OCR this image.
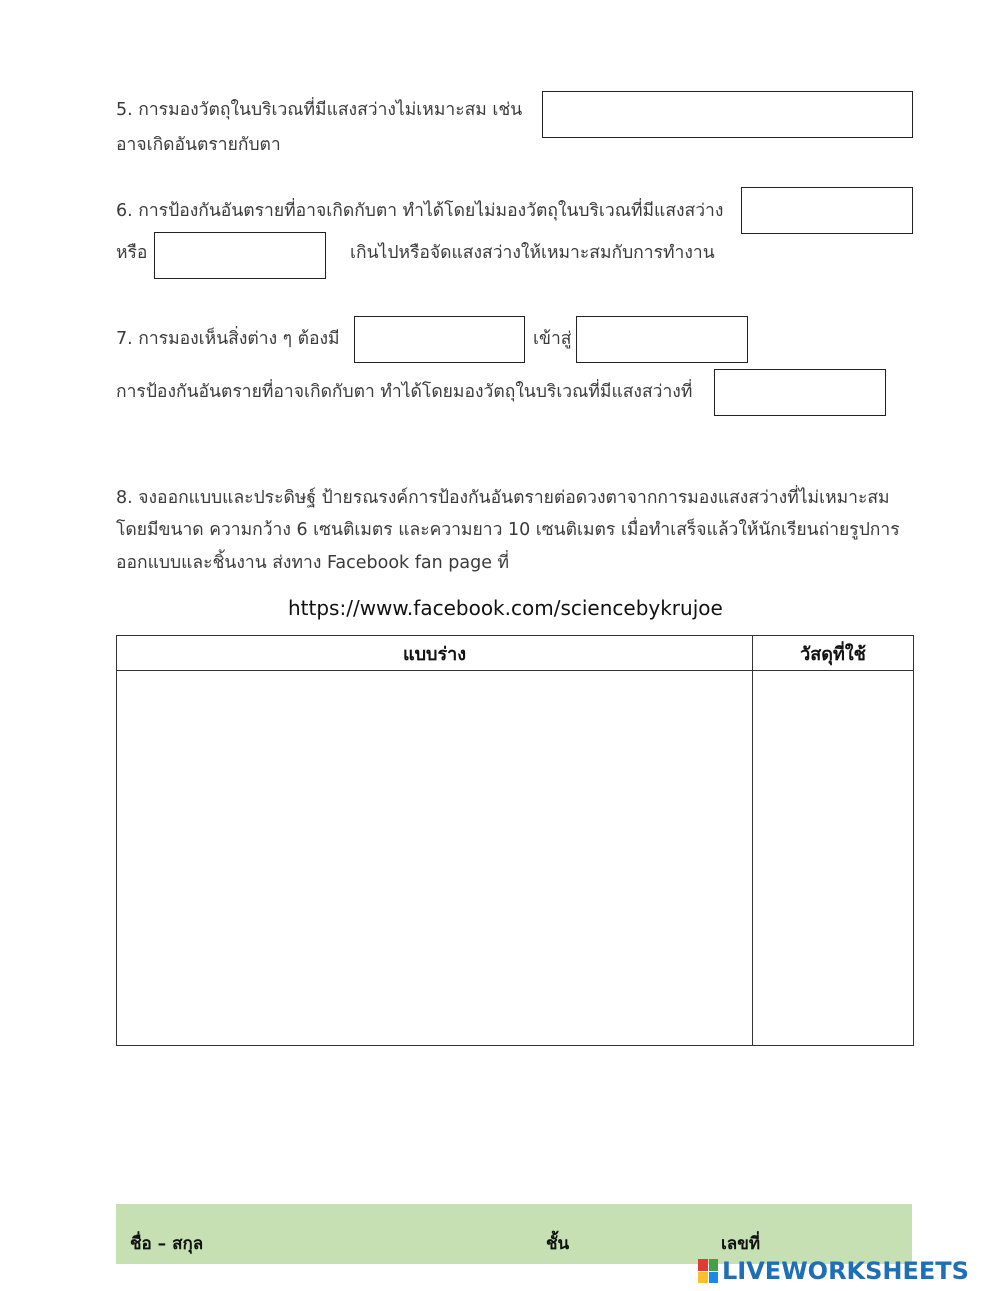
5. การมองวัตถุในบริเวณที่มีแสงสว่างไม่เหมาะสม เช่น
อาจเกิดอันตรายกับตา
6. การป้องกันอันตรายที่อาจเกิดกับตา ทำได้โดยไม่มองวัตถุในบริเวณที่มีแสงสว่าง
หรือ	เกินไปหรือจัดแสงสว่างให้เหมาะสมกับการทำงาน
7. การมองเห็นสิ่งต่าง ๆ ต้องมี	เข้าสู่
การป้องกันอันตรายที่อาจเกิดกับตา ทำได้โดยมองวัตถุในบริเวณที่มีแสงสว่างที่
8. จงออกแบบและประดิษฐ์ ป้ายรณรงค์การป้องกันอันตรายต่อดวงตาจากการมองแสงสว่างที่ไม่เหมาะสม
โดยมีขนาด ความกว้าง 6 เซนติเมตร และความยาว 10 เซนติเมตร เมื่อทำเสร็จแล้วให้นักเรียนถ่ายรูปการ
ออกแบบและชิ้นงาน ส่งทาง Facebook fan page ที่
https://www.facebook.com/sciencebykrujoe
แบบร่าง	วัสดุที่ใช้

ชื่อ – สกุล	ชั้น	เลขที่
LIVEWORKSHEETS
